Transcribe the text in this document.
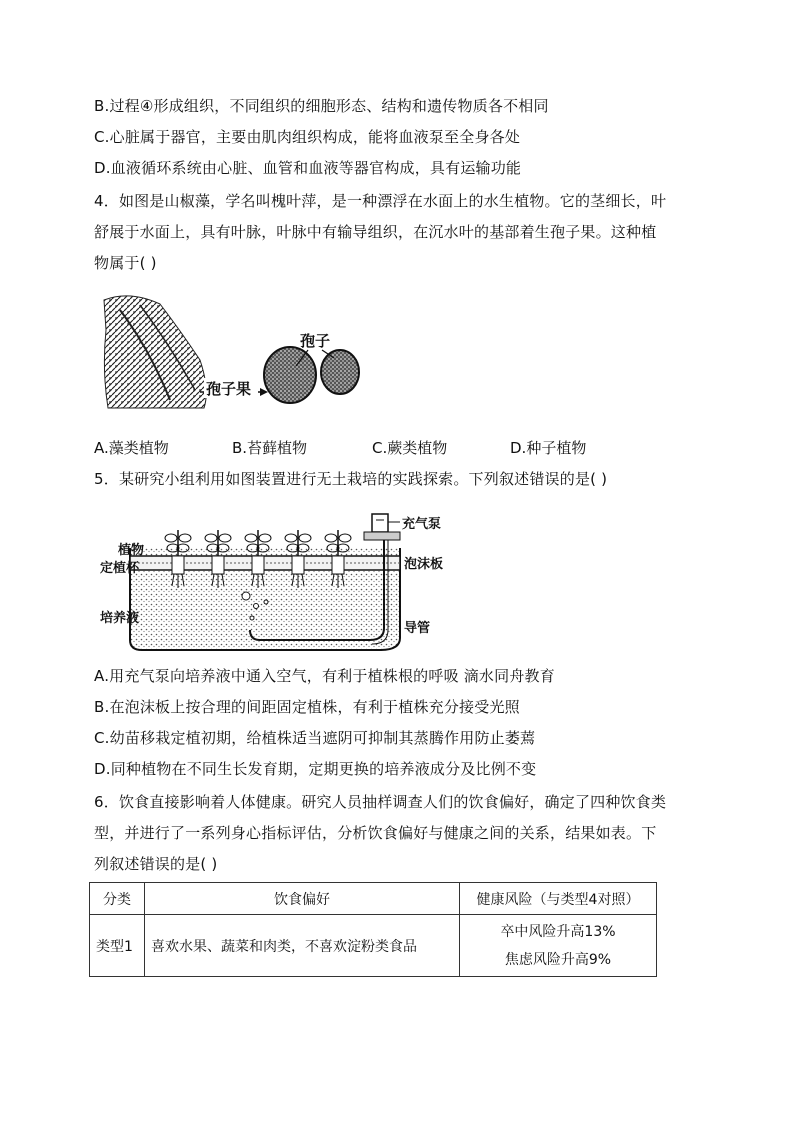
B.过程④形成组织，不同组织的细胞形态、结构和遗传物质各不相同
C.心脏属于器官，主要由肌肉组织构成，能将血液泵至全身各处
D.血液循环系统由心脏、血管和血液等器官构成，具有运输功能
4．如图是山椒藻，学名叫槐叶萍，是一种漂浮在水面上的水生植物。它的茎细长，叶
舒展于水面上，具有叶脉，叶脉中有输导组织，在沉水叶的基部着生孢子果。这种植
物属于( )
孢子
孢子果
A.藻类植物	B.苔藓植物	C.蕨类植物	D.种子植物
5．某研究小组利用如图装置进行无土栽培的实践探索。下列叙述错误的是( )
充气泵
植物
定植杯	泡沫板
培养液
导管
A.用充气泵向培养液中通入空气，有利于植株根的呼吸 滴水同舟教育
B.在泡沫板上按合理的间距固定植株，有利于植株充分接受光照
C.幼苗移栽定植初期，给植株适当遮阴可抑制其蒸腾作用防止萎蔫
D.同种植物在不同生长发育期，定期更换的培养液成分及比例不变
6．饮食直接影响着人体健康。研究人员抽样调查人们的饮食偏好，确定了四种饮食类
型，并进行了一系列身心指标评估，分析饮食偏好与健康之间的关系，结果如表。下
列叙述错误的是( )
分类	饮食偏好	健康风险（与类型4对照）
类型1	喜欢水果、蔬菜和肉类，不喜欢淀粉类食品	卒中风险升高13%
焦虑风险升高9%
